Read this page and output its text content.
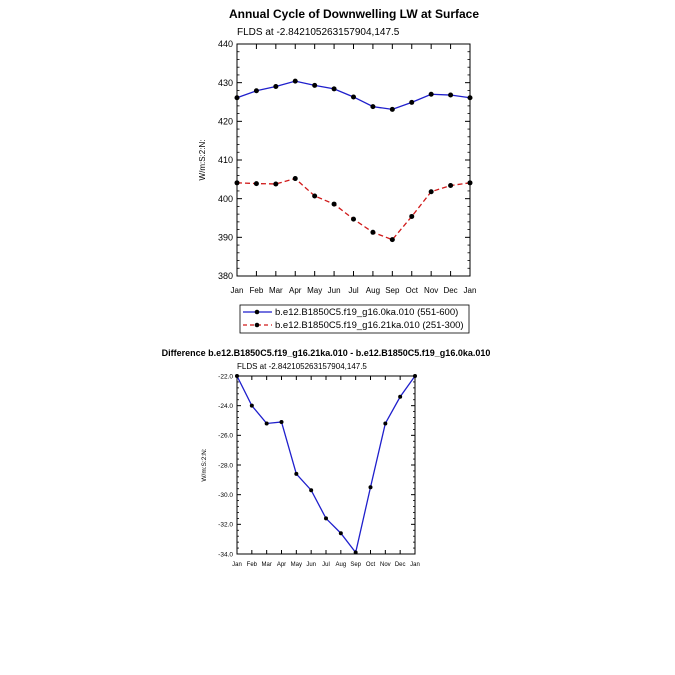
Annual Cycle of Downwelling LW at Surface
FLDS at -2.842105263157904,147.5
W/m:S:2:N:
380
390
400
410
420
430
440
Jan Feb Mar Apr May Jun Jul Aug Sep Oct Nov Dec Jan
b.e12.B1850C5.f19_g16.0ka.010 (551-600)
b.e12.B1850C5.f19_g16.21ka.010 (251-300)
Difference b.e12.B1850C5.f19_g16.21ka.010 - b.e12.B1850C5.f19_g16.0ka.010
FLDS at -2.842105263157904,147.5
W/m:S:2:N:
-34.0
-32.0
-30.0
-28.0
-26.0
-24.0
-22.0
Jan Feb Mar Apr May Jun Jul Aug Sep Oct Nov Dec Jan
